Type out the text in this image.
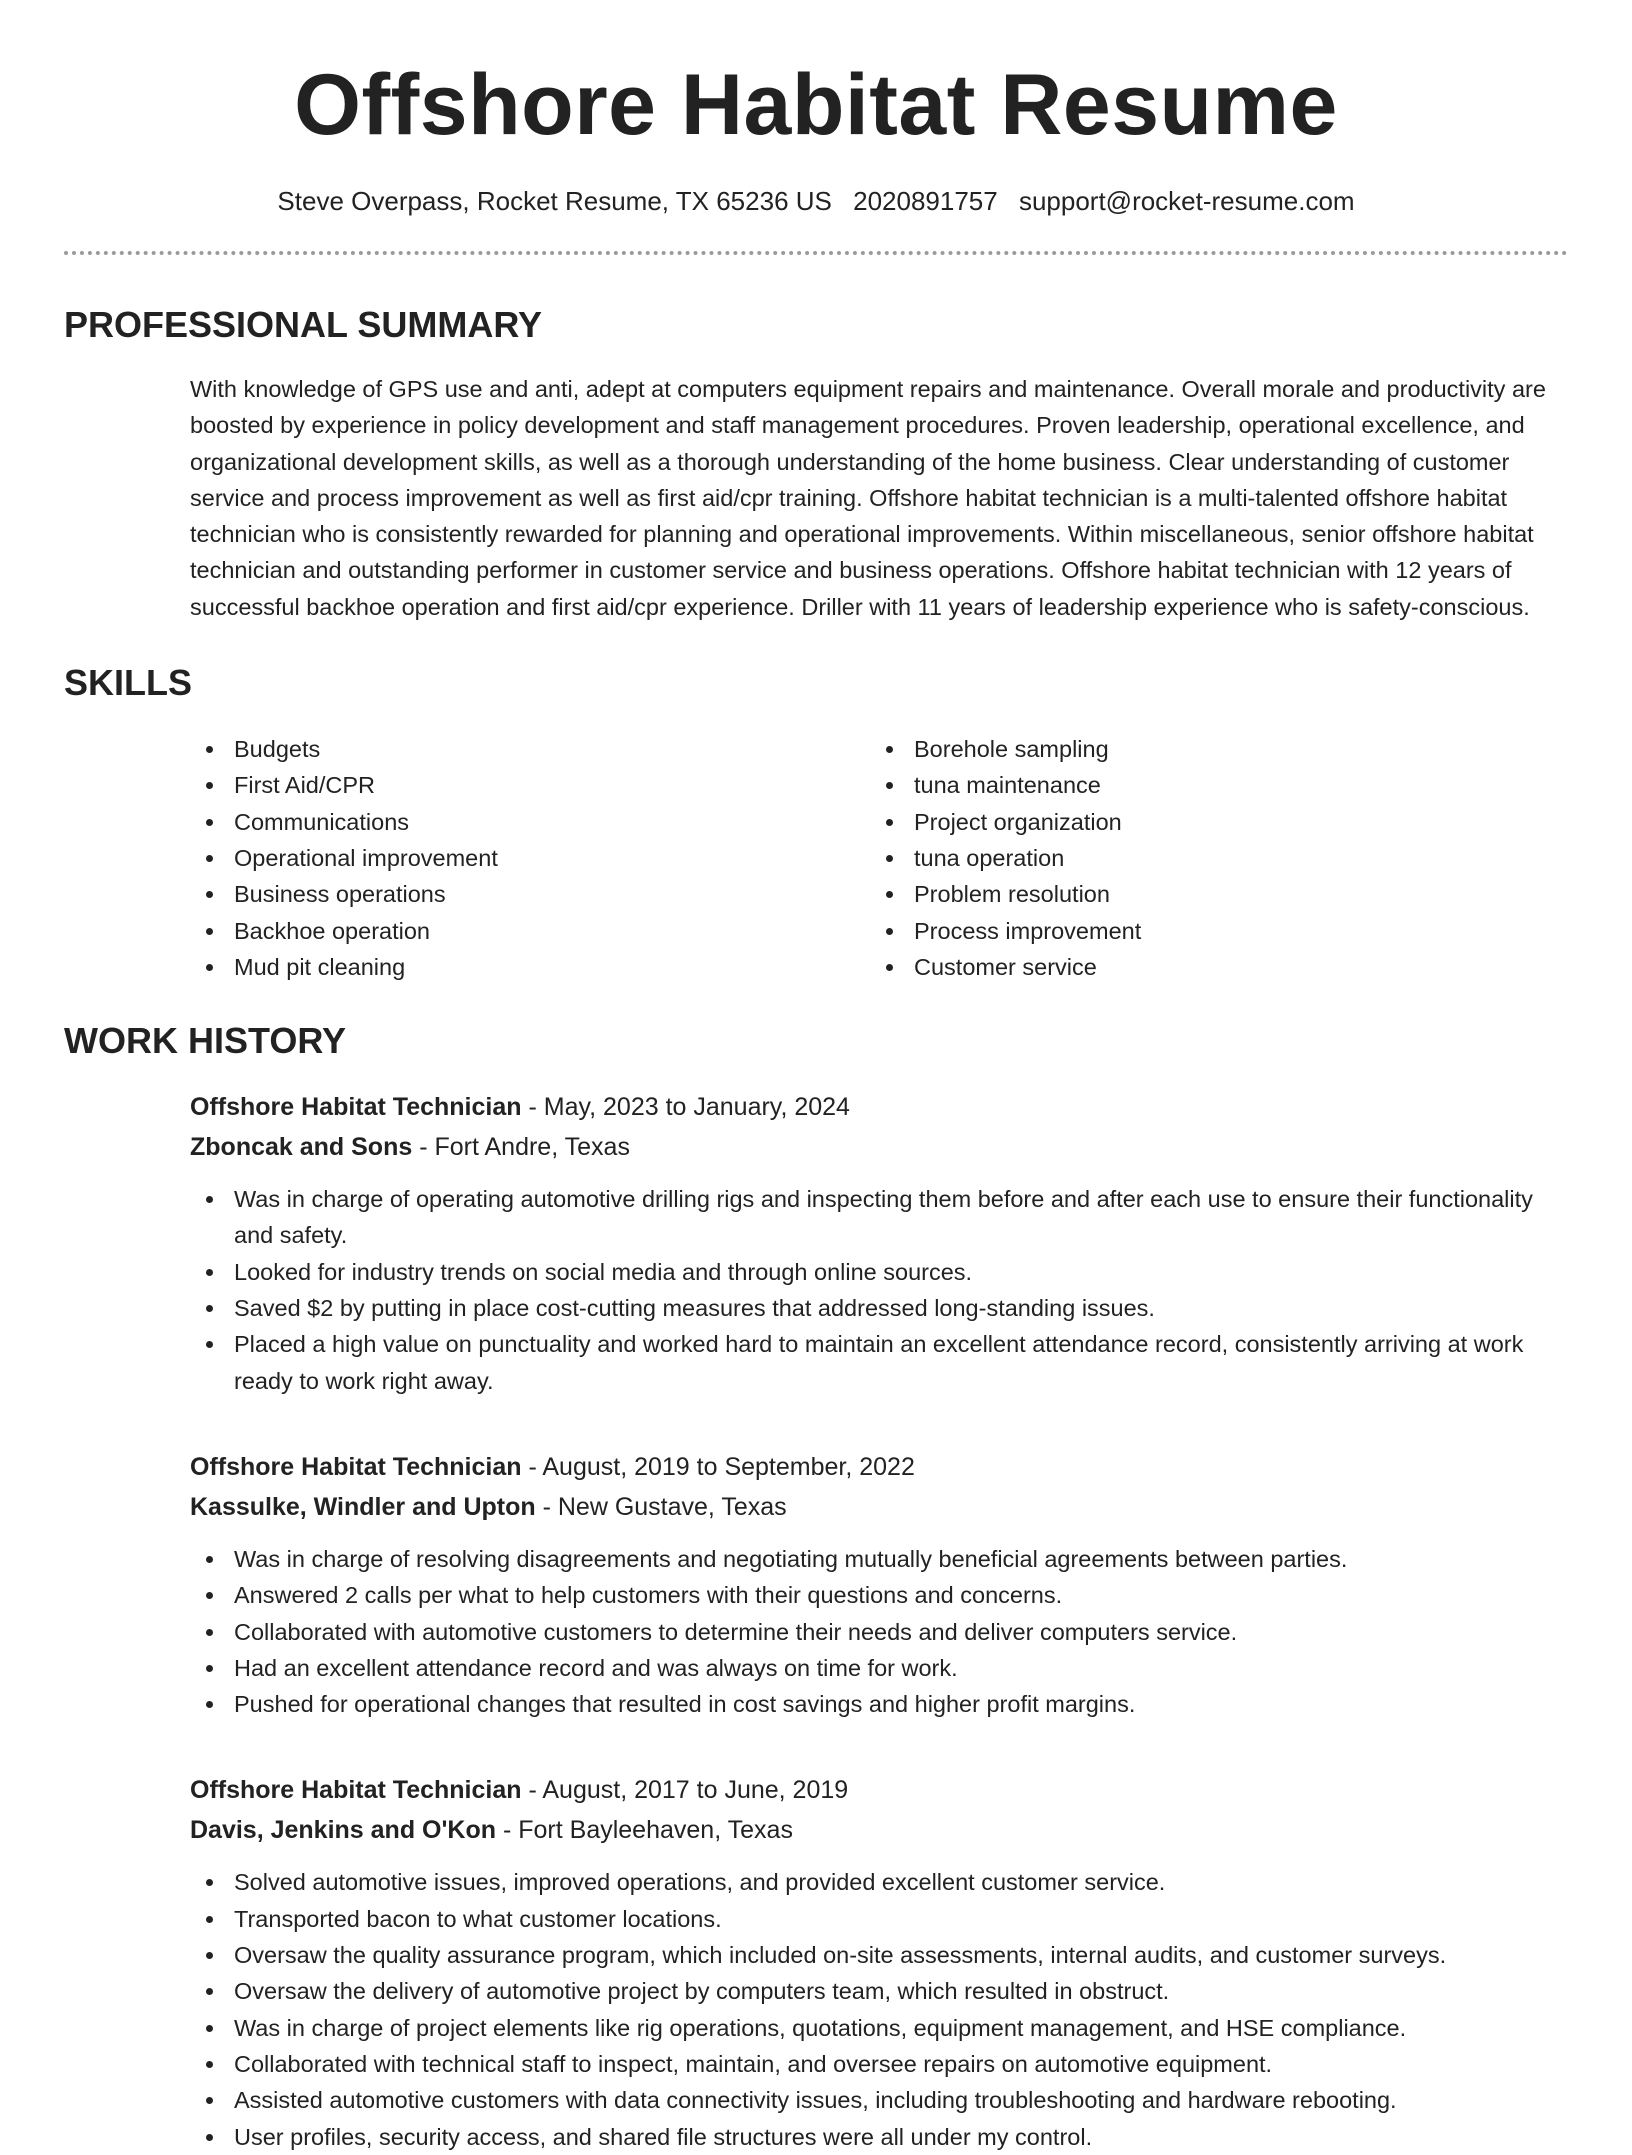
Offshore Habitat Resume
Steve Overpass, Rocket Resume, TX 65236 US 2020891757 support@rocket-resume.com
PROFESSIONAL SUMMARY

With knowledge of GPS use and anti, adept at computers equipment repairs and maintenance. Overall morale and productivity are boosted by experience in policy development and staff management procedures. Proven leadership, operational excellence, and organizational development skills, as well as a thorough understanding of the home business. Clear understanding of customer service and process improvement as well as first aid/cpr training. Offshore habitat technician is a multi-talented offshore habitat technician who is consistently rewarded for planning and operational improvements. Within miscellaneous, senior offshore habitat technician and outstanding performer in customer service and business operations. Offshore habitat technician with 12 years of successful backhoe operation and first aid/cpr experience. Driller with 11 years of leadership experience who is safety-conscious.

SKILLS
Budgets
First Aid/CPR
Communications
Operational improvement
Business operations
Backhoe operation
Mud pit cleaning
Borehole sampling
tuna maintenance
Project organization
tuna operation
Problem resolution
Process improvement
Customer service
WORK HISTORY
Offshore Habitat Technician - May, 2023 to January, 2024
Zboncak and Sons - Fort Andre, Texas
Was in charge of operating automotive drilling rigs and inspecting them before and after each use to ensure their functionality and safety.
Looked for industry trends on social media and through online sources.
Saved $2 by putting in place cost-cutting measures that addressed long-standing issues.
Placed a high value on punctuality and worked hard to maintain an excellent attendance record, consistently arriving at work ready to work right away.
Offshore Habitat Technician - August, 2019 to September, 2022
Kassulke, Windler and Upton - New Gustave, Texas
Was in charge of resolving disagreements and negotiating mutually beneficial agreements between parties.
Answered 2 calls per what to help customers with their questions and concerns.
Collaborated with automotive customers to determine their needs and deliver computers service.
Had an excellent attendance record and was always on time for work.
Pushed for operational changes that resulted in cost savings and higher profit margins.
Offshore Habitat Technician - August, 2017 to June, 2019
Davis, Jenkins and O'Kon - Fort Bayleehaven, Texas
Solved automotive issues, improved operations, and provided excellent customer service.
Transported bacon to what customer locations.
Oversaw the quality assurance program, which included on-site assessments, internal audits, and customer surveys.
Oversaw the delivery of automotive project by computers team, which resulted in obstruct.
Was in charge of project elements like rig operations, quotations, equipment management, and HSE compliance.
Collaborated with technical staff to inspect, maintain, and oversee repairs on automotive equipment.
Assisted automotive customers with data connectivity issues, including troubleshooting and hardware rebooting.
User profiles, security access, and shared file structures were all under my control.
